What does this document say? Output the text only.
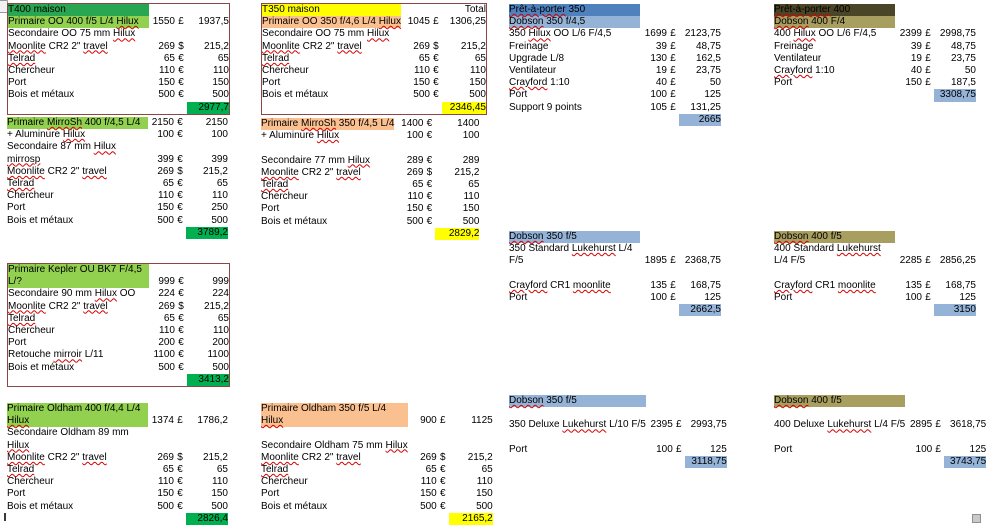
T400 maison			
Primaire OO 400 f/5 L/4 Hilux	1550	£	1937,5
Secondaire OO 75 mm Hilux			
Moonlite CR2 2" travel	269	$	215,2
Telrad	65	€	65
Chercheur	110	€	110
Port	150	€	150
Bois et métaux	500	€	500
			2977,7
Primaire MirroSh 400 f/4,5 L/4	2150	€	2150
+ Aluminure Hilux	100	€	100
Secondaire 87 mm Hilux mirrosp	399	€	399
Moonlite CR2 2" travel	269	$	215,2
Telrad	65	€	65
Chercheur	110	€	110
Port	150	€	250
Bois et métaux	500	€	500
			3789,2
Primaire Kepler OU BK7 F/4,5 L/?	999	€	999
Secondaire 90 mm Hilux OO	224	€	224
Moonlite CR2 2" travel	269	$	215,2
Telrad	65	€	65
Chercheur	110	€	110
Port	200	€	200
Retouche mirroir L/11	1100	€	1100
Bois et métaux	500	€	500
			3413,2
Primaire Oldham 400 f/4,4 L/4 Hilux	1374	£	1786,2
Secondaire Oldham 89 mm Hilux			
Moonlite CR2 2" travel	269	$	215,2
Telrad	65	€	65
Chercheur	110	€	110
Port	150	€	150
Bois et métaux	500	€	500
			2826,4
T350 maison			Total
Primaire OO 350 f/4,6 L/4 Hilux	1045	£	1306,25
Secondaire OO 75 mm Hilux			
Moonlite CR2 2" travel	269	$	215,2
Telrad	65	€	65
Chercheur	110	€	110
Port	150	€	150
Bois et métaux	500	€	500
			2346,45
Primaire MirroSh 350 f/4,5 L/4	1400	€	1400
+ Aluminure Hilux	100	€	100

Secondaire 77 mm Hilux	289	€	289
Moonlite CR2 2" travel	269	$	215,2
Telrad	65	€	65
Chercheur	110	€	110
Port	150	€	150
Bois et métaux	500	€	500
			2829,2
Primaire Oldham 350 f/5 L/4 Hilux	900	£	1125

Secondaire Oldham 75 mm Hilux			
Moonlite CR2 2" travel	269	$	215,2
Telrad	65	€	65
Chercheur	110	€	110
Port	150	€	150
Bois et métaux	500	€	500
			2165,2
Prêt-à-porter 350			
Dobson 350 f/4,5			
350 Hilux OO L/6 F/4,5	1699	£	2123,75
Freinage	39	£	48,75
Upgrade L/8	130	£	162,5
Ventilateur	19	£	23,75
Crayford 1:10	40	£	50
Port	100	£	125
Support 9 points	105	£	131,25
			2665
Dobson 350 f/5			
350 Standard Lukehurst L/4 F/5	1895	£	2368,75

Crayford CR1 moonlite	135	£	168,75
Port	100	£	125
			2662,5
Dobson 350 f/5			

350 Deluxe Lukehurst L/10 F/5	2395	£	2993,75

Port	100	£	125
			3118,75
Prêt-à-porter 400			
Dobson 400 F/4			
400 Hilux OO L/6 F/4,5	2399	£	2998,75
Freinage	39	£	48,75
Ventilateur	19	£	23,75
Crayford 1:10	40	£	50
Port	150	£	187,5
			3308,75
Dobson 400 f/5			
400 Standard Lukehurst L/4 F/5	2285	£	2856,25

Crayford CR1 moonlite	135	£	168,75
Port	100	£	125
			3150
Dobson 400 f/5			

400 Deluxe Lukehurst L/4 F/5	2895	£	3618,75

Port	100	£	125
			3743,75
